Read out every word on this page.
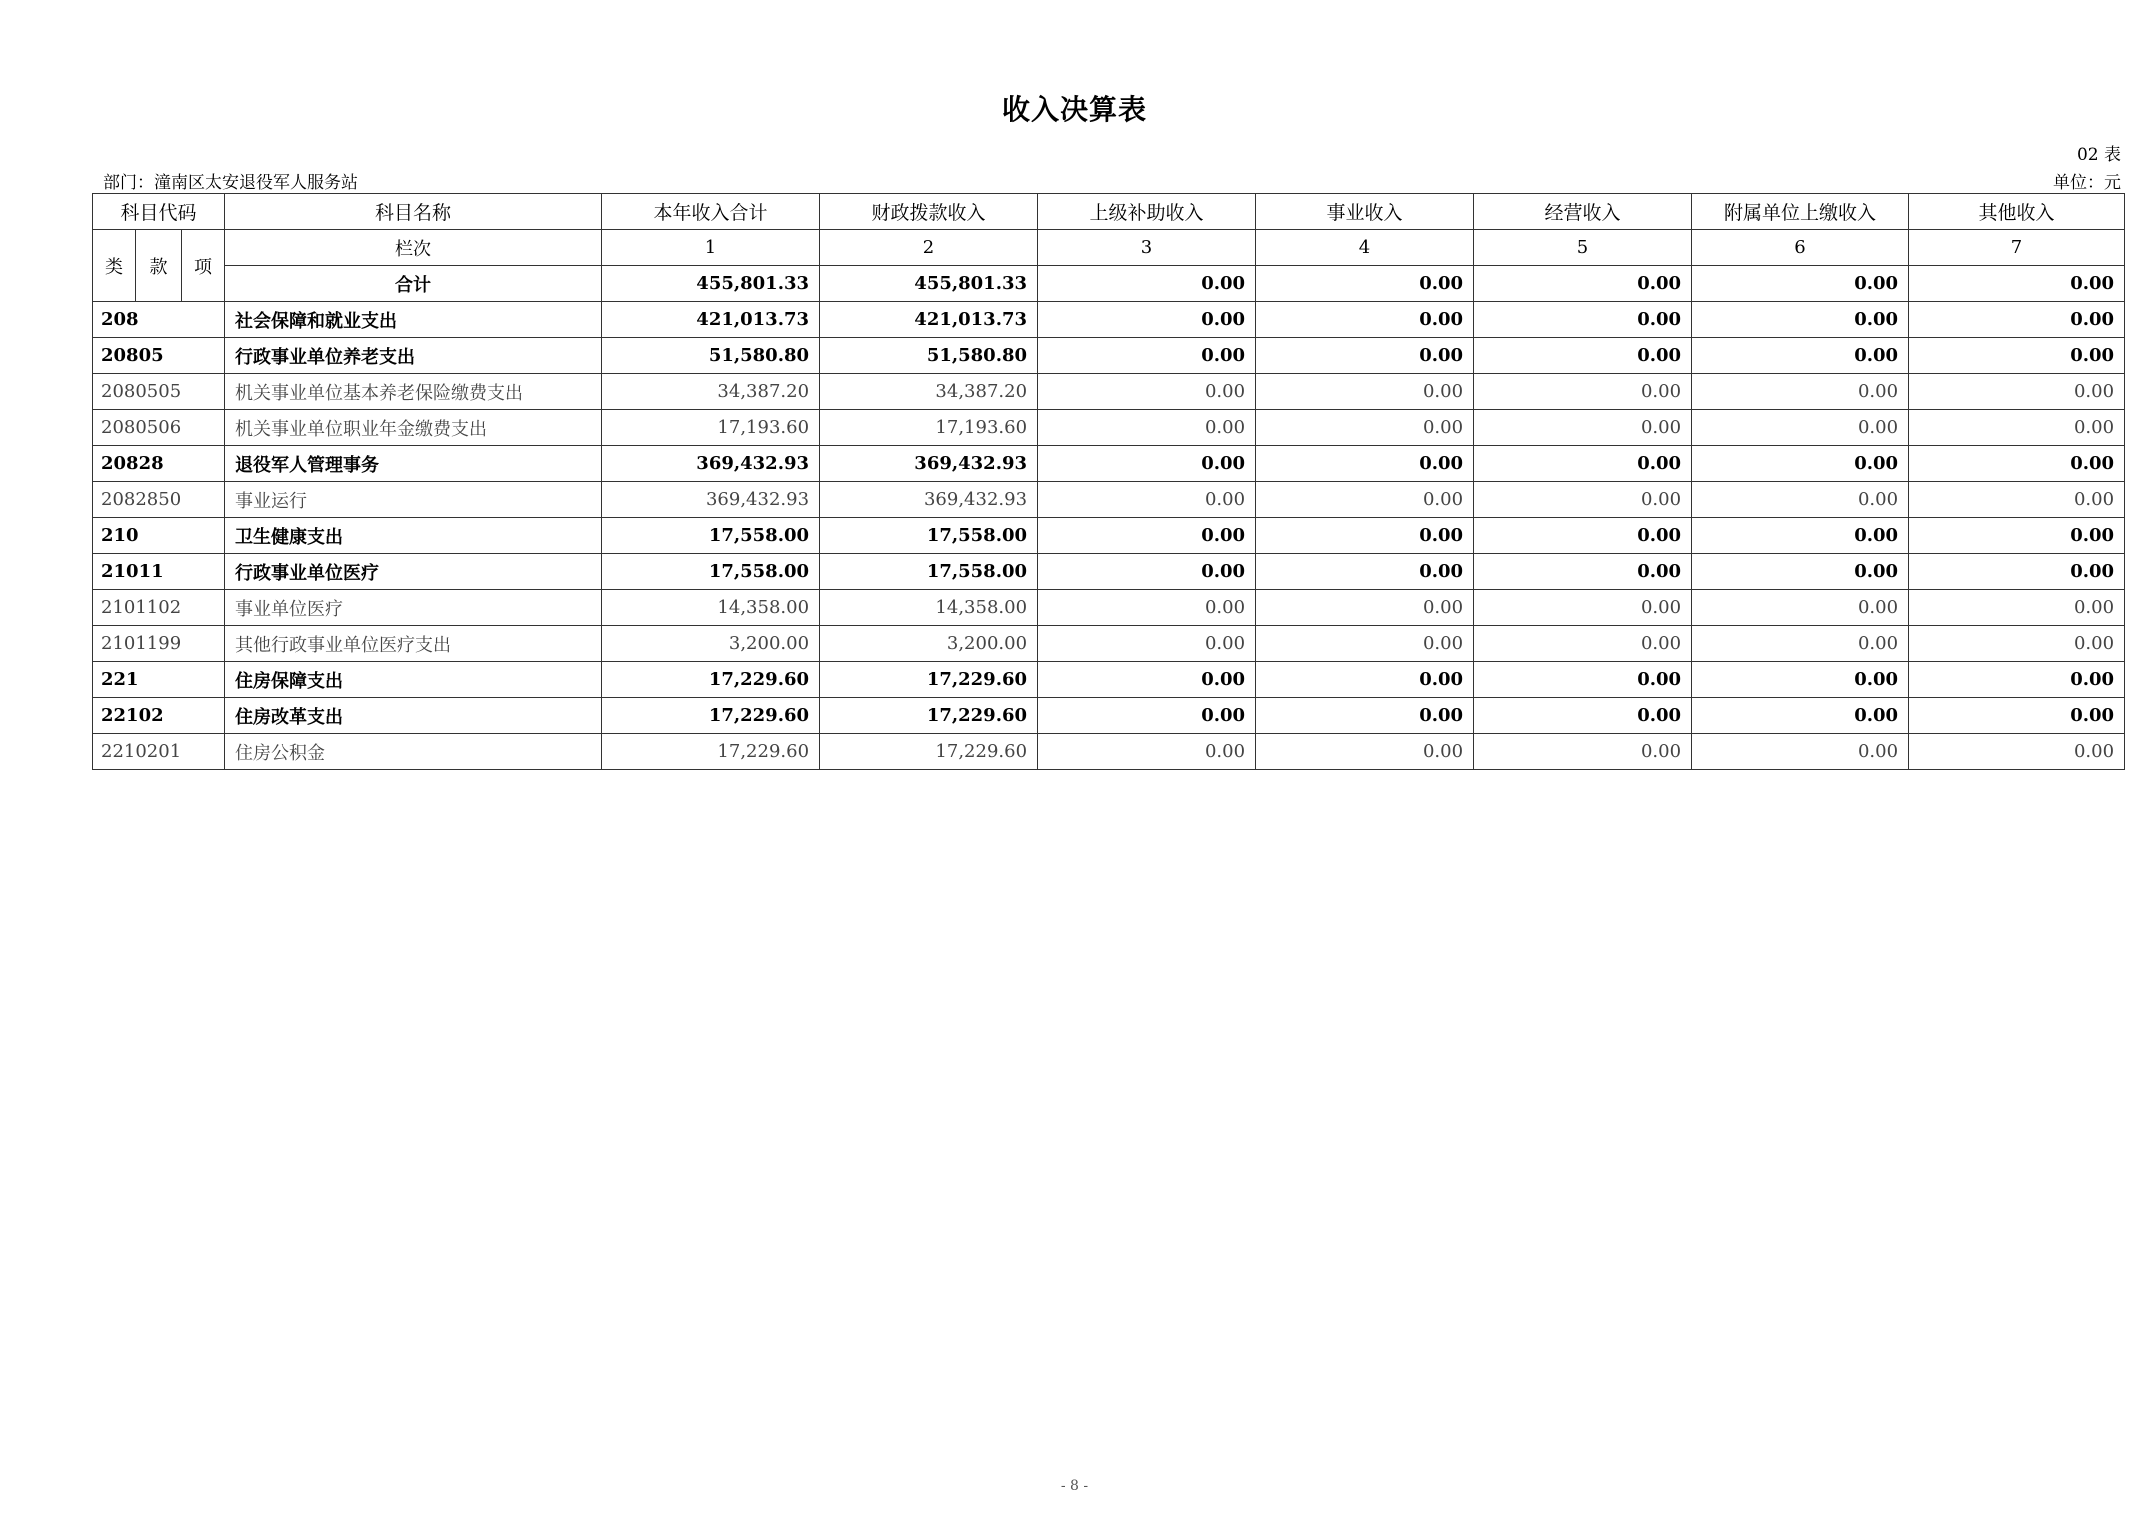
收入决算表
02 表
部门：潼南区太安退役军人服务站	单位：元
科目代码			科目名称	本年收入合计	财政拨款收入	上级补助收入	事业收入	经营收入	附属单位上缴收入	其他收入
类	款	项	栏次	1	2	3	4	5	6	7
			合计	455,801.33	455,801.33	0.00	0.00	0.00	0.00	0.00
208			社会保障和就业支出	421,013.73	421,013.73	0.00	0.00	0.00	0.00	0.00
20805			行政事业单位养老支出	51,580.80	51,580.80	0.00	0.00	0.00	0.00	0.00
2080505			机关事业单位基本养老保险缴费支出	34,387.20	34,387.20	0.00	0.00	0.00	0.00	0.00
2080506			机关事业单位职业年金缴费支出	17,193.60	17,193.60	0.00	0.00	0.00	0.00	0.00
20828			退役军人管理事务	369,432.93	369,432.93	0.00	0.00	0.00	0.00	0.00
2082850			事业运行	369,432.93	369,432.93	0.00	0.00	0.00	0.00	0.00
210			卫生健康支出	17,558.00	17,558.00	0.00	0.00	0.00	0.00	0.00
21011			行政事业单位医疗	17,558.00	17,558.00	0.00	0.00	0.00	0.00	0.00
2101102			事业单位医疗	14,358.00	14,358.00	0.00	0.00	0.00	0.00	0.00
2101199			其他行政事业单位医疗支出	3,200.00	3,200.00	0.00	0.00	0.00	0.00	0.00
221			住房保障支出	17,229.60	17,229.60	0.00	0.00	0.00	0.00	0.00
22102			住房改革支出	17,229.60	17,229.60	0.00	0.00	0.00	0.00	0.00
2210201			住房公积金	17,229.60	17,229.60	0.00	0.00	0.00	0.00	0.00
- 8 -
